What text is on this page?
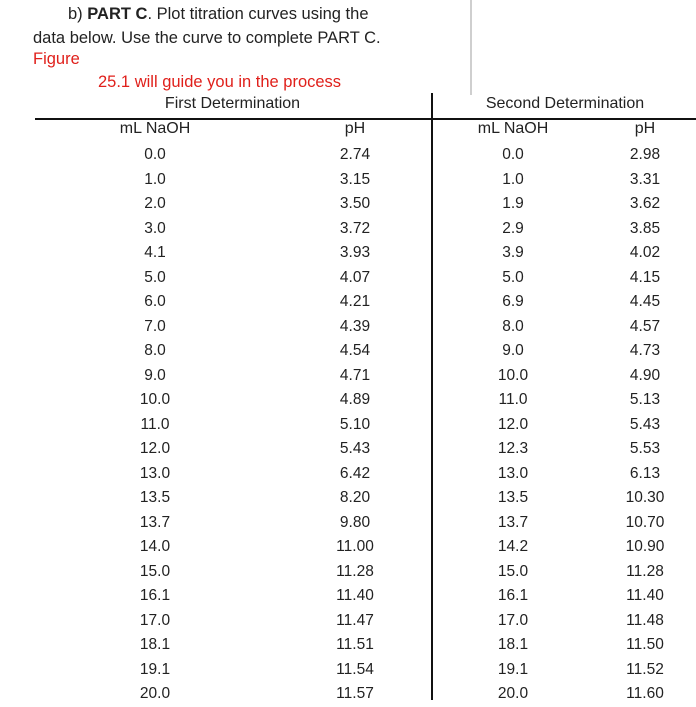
b) PART C. Plot titration curves using the
data below. Use the curve to complete PART C.
Figure
25.1 will guide you in the process
First Determination
mL NaOH	pH
0.0
1.0
2.0
3.0
4.1
5.0
6.0
7.0
8.0
9.0
10.0
11.0
12.0
13.0
13.5
13.7
14.0
15.0
16.1
17.0
18.1
19.1
20.0
2.74
3.15
3.50
3.72
3.93
4.07
4.21
4.39
4.54
4.71
4.89
5.10
5.43
6.42
8.20
9.80
11.00
11.28
11.40
11.47
11.51
11.54
11.57
Second Determination
mL NaOH	pH
0.0
1.0
1.9
2.9
3.9
5.0
6.9
8.0
9.0
10.0
11.0
12.0
12.3
13.0
13.5
13.7
14.2
15.0
16.1
17.0
18.1
19.1
20.0
2.98
3.31
3.62
3.85
4.02
4.15
4.45
4.57
4.73
4.90
5.13
5.43
5.53
6.13
10.30
10.70
10.90
11.28
11.40
11.48
11.50
11.52
11.60
